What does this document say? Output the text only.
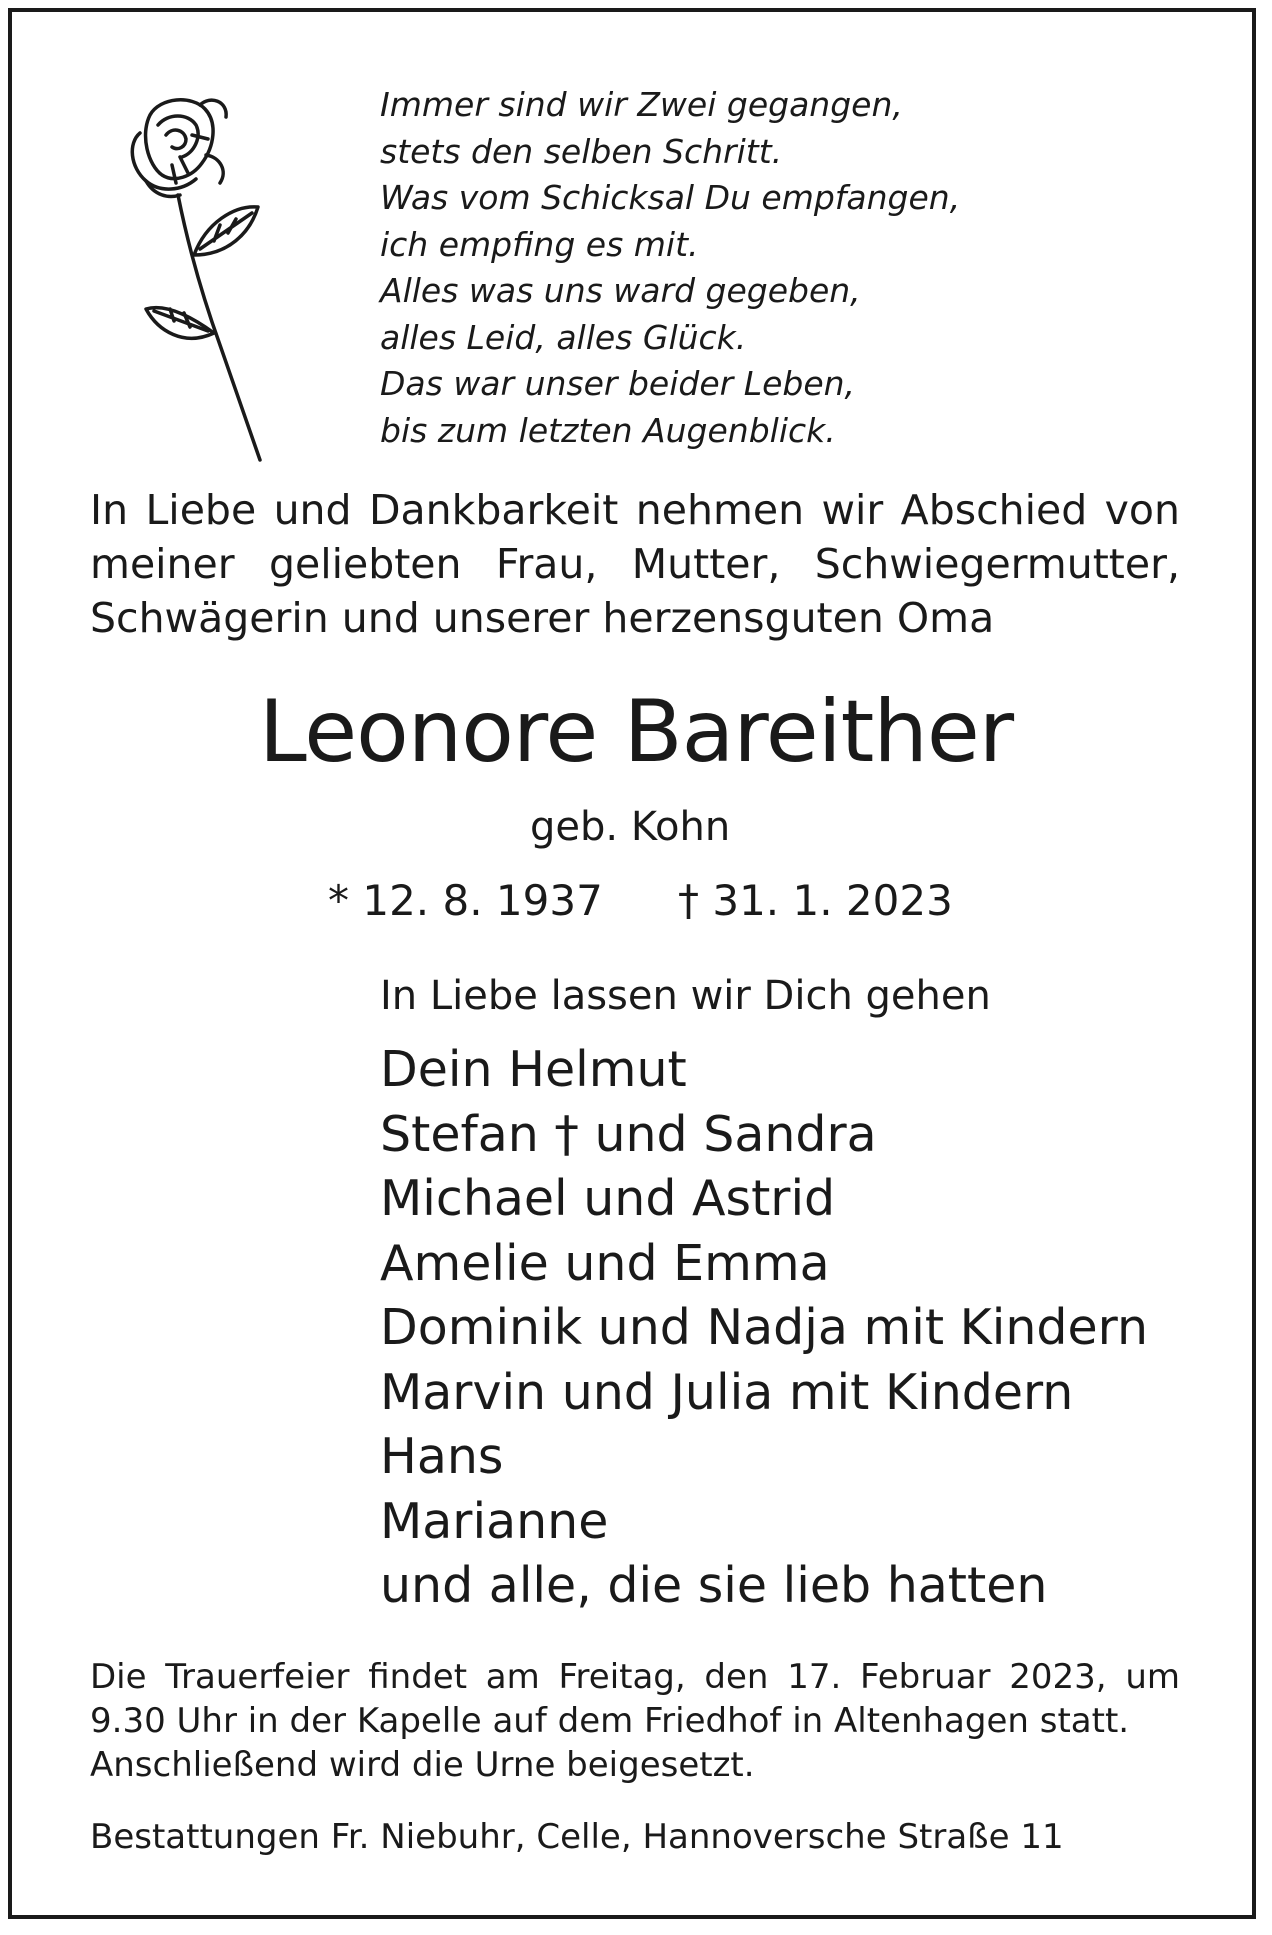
Immer sind wir Zwei gegangen,
stets den selben Schritt.
Was vom Schicksal Du empfangen,
ich empfing es mit.
Alles was uns ward gegeben,
alles Leid, alles Glück.
Das war unser beider Leben,
bis zum letzten Augenblick.
In Liebe und Dankbarkeit nehmen wir Abschied von
meiner geliebten Frau, Mutter, Schwiegermutter,
Schwägerin und unserer herzensguten Oma
Leonore Bareither
geb. Kohn
* 12. 8. 1937 † 31. 1. 2023
In Liebe lassen wir Dich gehen
Dein Helmut
Stefan † und Sandra
Michael und Astrid
Amelie und Emma
Dominik und Nadja mit Kindern
Marvin und Julia mit Kindern
Hans
Marianne
und alle, die sie lieb hatten
Die Trauerfeier findet am Freitag, den 17. Februar 2023, um
9.30 Uhr in der Kapelle auf dem Friedhof in Altenhagen statt.
Anschließend wird die Urne beigesetzt.
Bestattungen Fr. Niebuhr, Celle, Hannoversche Straße 11
